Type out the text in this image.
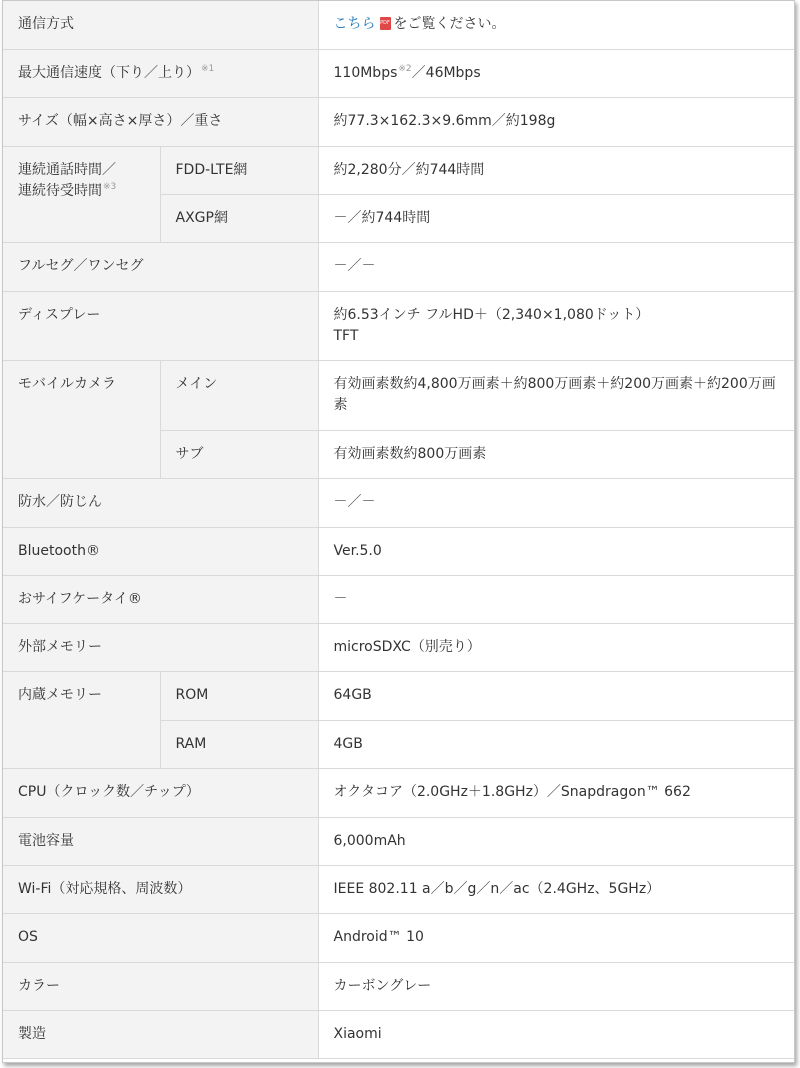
通信方式		こちら PDF をご覧ください。
最大通信速度（下り／上り）$^{※1}$		110Mbps$^{※2}$／46Mbps
サイズ（幅×高さ×厚さ）／重さ		約77.3×162.3×9.6mm／約198g

連続通話時間／
連続待受時間$^{※3}$	FDD-LTE網	約2,280分／約744時間
	AXGP網	－／約744時間
フルセグ／ワンセグ		－／－
ディスプレー		約6.53インチ フルHD＋（2,340×1,080ドット）
TFT
モバイルカメラ	メイン	有効画素数約4,800万画素＋約800万画素＋約200万画素＋約200万画素
	サブ	有効画素数約800万画素
防水／防じん		－／－
Bluetooth®		Ver.5.0
おサイフケータイ®		－
外部メモリー		microSDXC（別売り）
内蔵メモリー	ROM	64GB
	RAM	4GB
CPU（クロック数／チップ）		オクタコア（2.0GHz＋1.8GHz）／Snapdragon™ 662
電池容量		6,000mAh
Wi-Fi（対応規格、周波数）		IEEE 802.11 a／b／g／n／ac（2.4GHz、5GHz）
OS		Android™ 10
カラー		カーボングレー
製造		Xiaomi
